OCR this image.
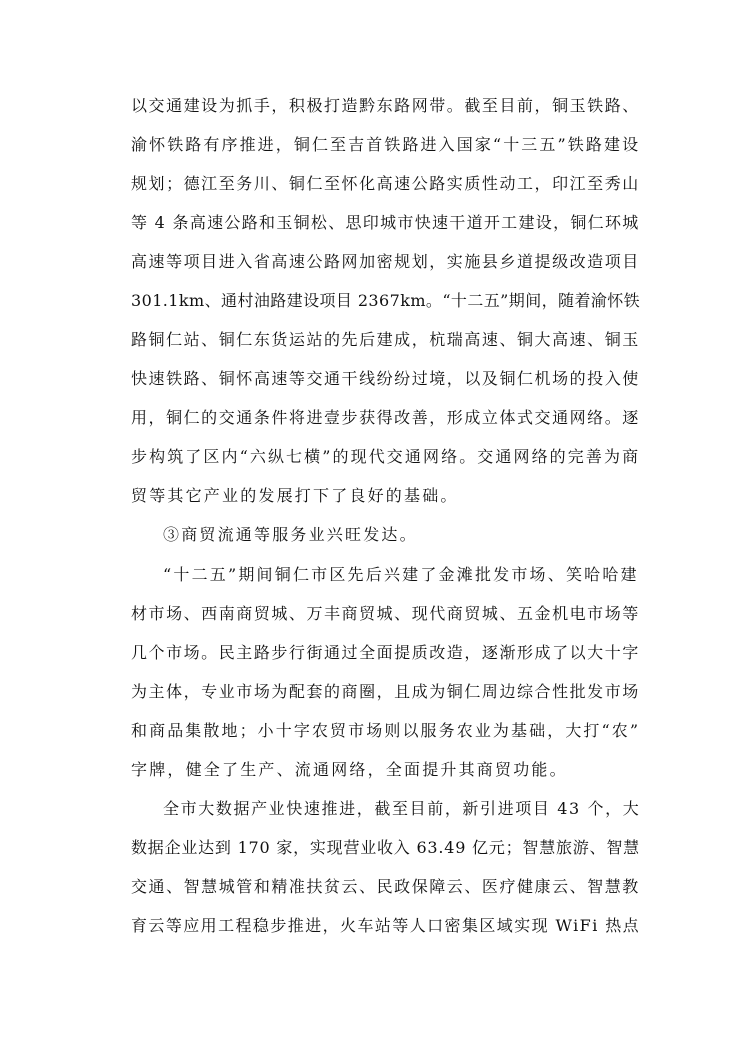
以交通建设为抓手，积极打造黔东路网带。截至目前，铜玉铁路、
渝怀铁路有序推进，铜仁至吉首铁路进入国家“十三五”铁路建设
规划；德江至务川、铜仁至怀化高速公路实质性动工，印江至秀山
等 4 条高速公路和玉铜松、思印城市快速干道开工建设，铜仁环城
高速等项目进入省高速公路网加密规划，实施县乡道提级改造项目
301.1km、通村油路建设项目 2367km。“十二五”期间，随着渝怀铁
路铜仁站、铜仁东货运站的先后建成，杭瑞高速、铜大高速、铜玉
快速铁路、铜怀高速等交通干线纷纷过境，以及铜仁机场的投入使
用，铜仁的交通条件将进壹步获得改善，形成立体式交通网络。逐
步构筑了区内“六纵七横”的现代交通网络。交通网络的完善为商
贸等其它产业的发展打下了良好的基础。
③商贸流通等服务业兴旺发达。
“十二五”期间铜仁市区先后兴建了金滩批发市场、笑哈哈建
材市场、西南商贸城、万丰商贸城、现代商贸城、五金机电市场等
几个市场。民主路步行街通过全面提质改造，逐渐形成了以大十字
为主体，专业市场为配套的商圈，且成为铜仁周边综合性批发市场
和商品集散地；小十字农贸市场则以服务农业为基础，大打“农”
字牌，健全了生产、流通网络，全面提升其商贸功能。
全市大数据产业快速推进，截至目前，新引进项目 43 个，大
数据企业达到 170 家，实现营业收入 63.49 亿元；智慧旅游、智慧
交通、智慧城管和精准扶贫云、民政保障云、医疗健康云、智慧教
育云等应用工程稳步推进，火车站等人口密集区域实现 WiFi 热点
